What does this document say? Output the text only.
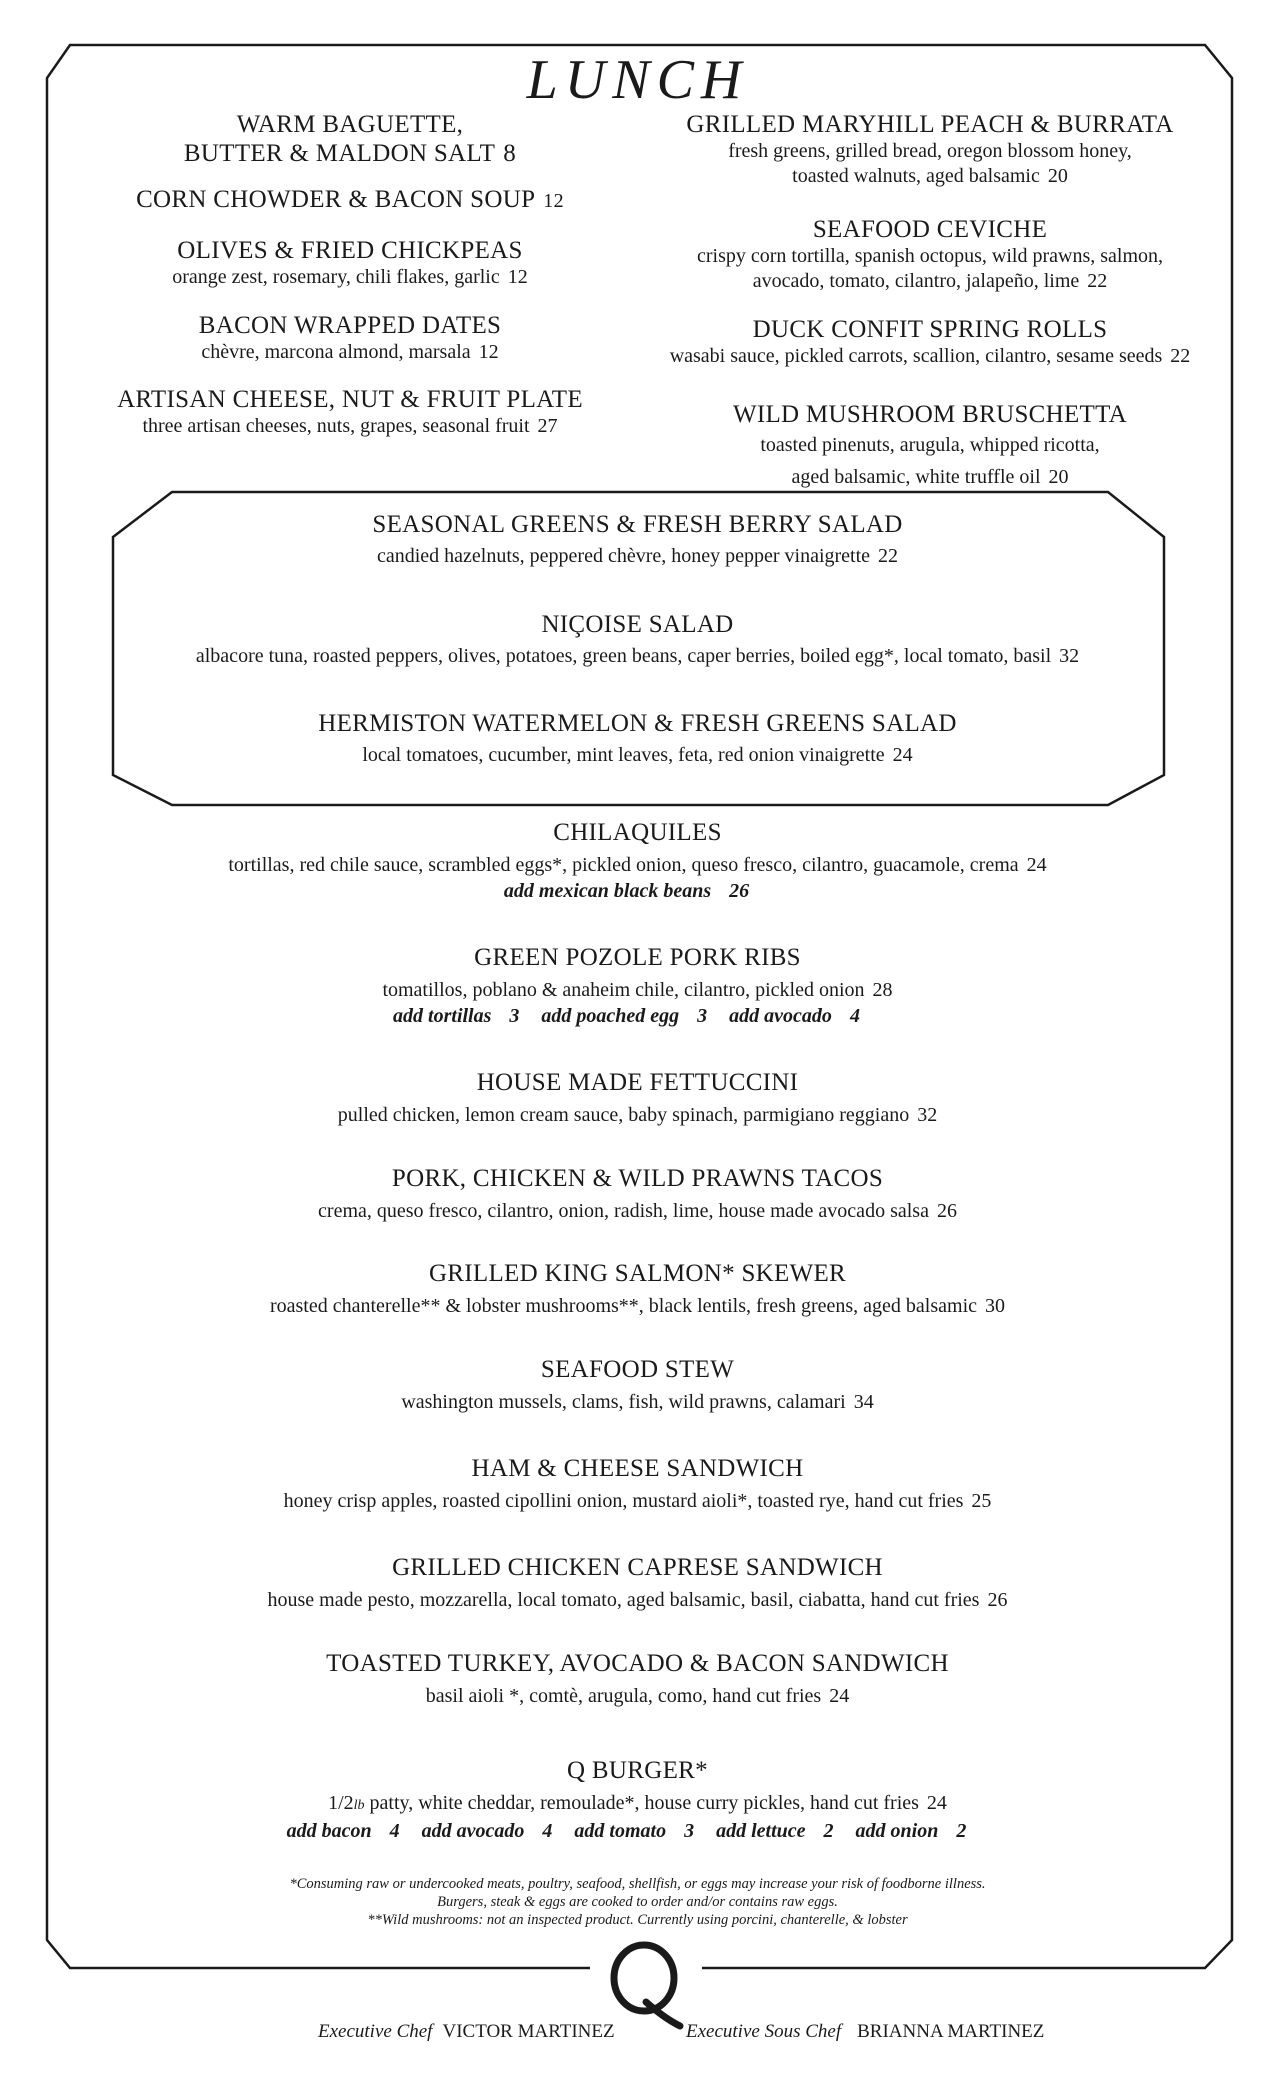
LUNCH
WARM BAGUETTE,
BUTTER & MALDON SALT 8
CORN CHOWDER & BACON SOUP 12
OLIVES & FRIED CHICKPEAS
orange zest, rosemary, chili flakes, garlic 12
BACON WRAPPED DATES
chèvre, marcona almond, marsala 12
ARTISAN CHEESE, NUT & FRUIT PLATE
three artisan cheeses, nuts, grapes, seasonal fruit 27
GRILLED MARYHILL PEACH & BURRATA
fresh greens, grilled bread, oregon blossom honey,
toasted walnuts, aged balsamic 20
SEAFOOD CEVICHE
crispy corn tortilla, spanish octopus, wild prawns, salmon,
avocado, tomato, cilantro, jalapeño, lime 22
DUCK CONFIT SPRING ROLLS
wasabi sauce, pickled carrots, scallion, cilantro, sesame seeds 22
WILD MUSHROOM BRUSCHETTA
toasted pinenuts, arugula, whipped ricotta,
aged balsamic, white truffle oil 20
SEASONAL GREENS & FRESH BERRY SALAD
candied hazelnuts, peppered chèvre, honey pepper vinaigrette 22
NIÇOISE SALAD
albacore tuna, roasted peppers, olives, potatoes, green beans, caper berries, boiled egg*, local tomato, basil 32
HERMISTON WATERMELON & FRESH GREENS SALAD
local tomatoes, cucumber, mint leaves, feta, red onion vinaigrette 24
CHILAQUILES
tortillas, red chile sauce, scrambled eggs*, pickled onion, queso fresco, cilantro, guacamole, crema 24
add mexican black beans 26
GREEN POZOLE PORK RIBS
tomatillos, poblano & anaheim chile, cilantro, pickled onion 28
add tortillas 3 add poached egg 3 add avocado 4
HOUSE MADE FETTUCCINI
pulled chicken, lemon cream sauce, baby spinach, parmigiano reggiano 32
PORK, CHICKEN & WILD PRAWNS TACOS
crema, queso fresco, cilantro, onion, radish, lime, house made avocado salsa 26
GRILLED KING SALMON* SKEWER
roasted chanterelle** & lobster mushrooms**, black lentils, fresh greens, aged balsamic 30
SEAFOOD STEW
washington mussels, clams, fish, wild prawns, calamari 34
HAM & CHEESE SANDWICH
honey crisp apples, roasted cipollini onion, mustard aioli*, toasted rye, hand cut fries 25
GRILLED CHICKEN CAPRESE SANDWICH
house made pesto, mozzarella, local tomato, aged balsamic, basil, ciabatta, hand cut fries 26
TOASTED TURKEY, AVOCADO & BACON SANDWICH
basil aioli *, comtè, arugula, como, hand cut fries 24
Q BURGER*
1/2lb patty, white cheddar, remoulade*, house curry pickles, hand cut fries 24
add bacon 4 add avocado 4 add tomato 3 add lettuce 2 add onion 2
*Consuming raw or undercooked meats, poultry, seafood, shellfish, or eggs may increase your risk of foodborne illness.
Burgers, steak & eggs are cooked to order and/or contains raw eggs.
**Wild mushrooms: not an inspected product. Currently using porcini, chanterelle, & lobster
Q
Executive Chef VICTOR MARTINEZ	Executive Sous Chef BRIANNA MARTINEZ
